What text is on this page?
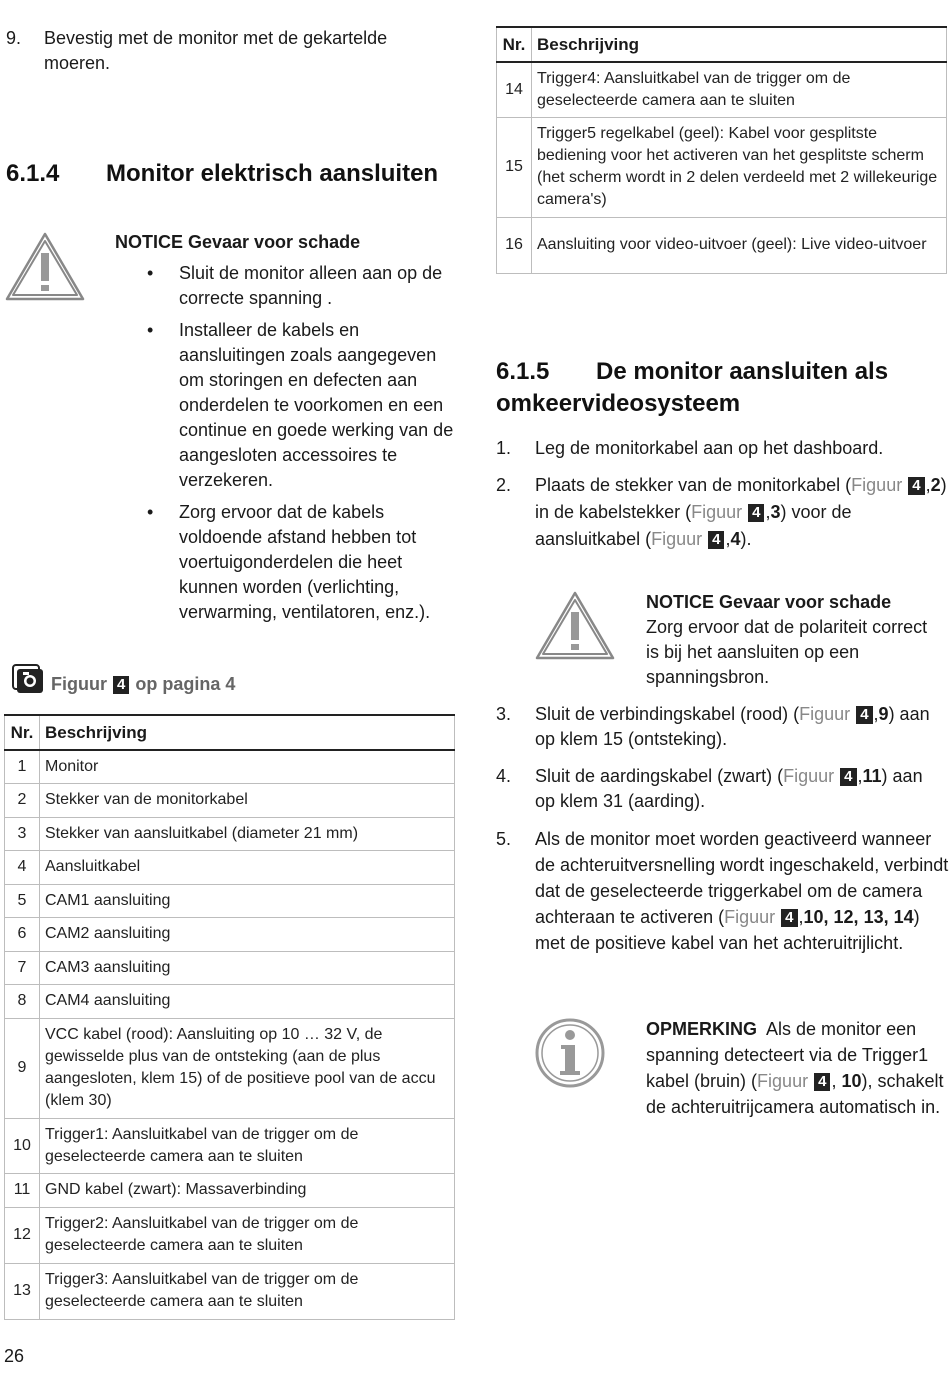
9. Bevestig met de monitor met de gekartelde moeren.
6.1.4 Monitor elektrisch aansluiten
NOTICE Gevaar voor schade
• Sluit de monitor alleen aan op de correcte spanning .
• Installeer de kabels en aansluitingen zoals aangegeven om storingen en defecten aan onderdelen te voorkomen en een continue en goede werking van de aangesloten accessoires te verzekeren.
• Zorg ervoor dat de kabels voldoende afstand hebben tot voertuigonderdelen die heet kunnen worden (verlichting, verwarming, ventilatoren, enz.).
Figuur 4 op pagina 4
Nr.	Beschrijving
1	Monitor
2	Stekker van de monitorkabel
3	Stekker van aansluitkabel (diameter 21 mm)
4	Aansluitkabel
5	CAM1 aansluiting
6	CAM2 aansluiting
7	CAM3 aansluiting
8	CAM4 aansluiting
9	VCC kabel (rood): Aansluiting op 10 … 32 V, de gewisselde plus van de ontsteking (aan de plus aangesloten, klem 15) of de positieve pool van de accu (klem 30)
10	Trigger1: Aansluitkabel van de trigger om de geselecteerde camera aan te sluiten
11	GND kabel (zwart): Massaverbinding
12	Trigger2: Aansluitkabel van de trigger om de geselecteerde camera aan te sluiten
13	Trigger3: Aansluitkabel van de trigger om de geselecteerde camera aan te sluiten
26
Nr.	Beschrijving
14	Trigger4: Aansluitkabel van de trigger om de geselecteerde camera aan te sluiten
15	Trigger5 regelkabel (geel): Kabel voor gesplitste bediening voor het activeren van het gesplitste scherm (het scherm wordt in 2 delen verdeeld met 2 willekeurige camera's)
16	Aansluiting voor video-uitvoer (geel): Live video-uitvoer
6.1.5 De monitor aansluiten als
omkeervideosysteem
1. Leg de monitorkabel aan op het dashboard.
2. Plaats de stekker van de monitorkabel (Figuur 4 ,2) in de kabelstekker (Figuur 4 ,3) voor de aansluitkabel (Figuur 4 ,4).
NOTICE Gevaar voor schade
Zorg ervoor dat de polariteit correct is bij het aansluiten op een spanningsbron.
3. Sluit de verbindingskabel (rood) (Figuur 4 ,9) aan op klem 15 (ontsteking).
4. Sluit de aardingskabel (zwart) (Figuur 4 ,11) aan op klem 31 (aarding).
5. Als de monitor moet worden geactiveerd wanneer de achteruitversnelling wordt ingeschakeld, verbindt dat de geselecteerde triggerkabel om de camera achteraan te activeren (Figuur 4 ,10, 12, 13, 14) met de positieve kabel van het achteruitrijlicht.
OPMERKING Als de monitor een spanning detecteert via de Trigger1 kabel (bruin) (Figuur 4 , 10), schakelt de achteruitrijcamera automatisch in.
